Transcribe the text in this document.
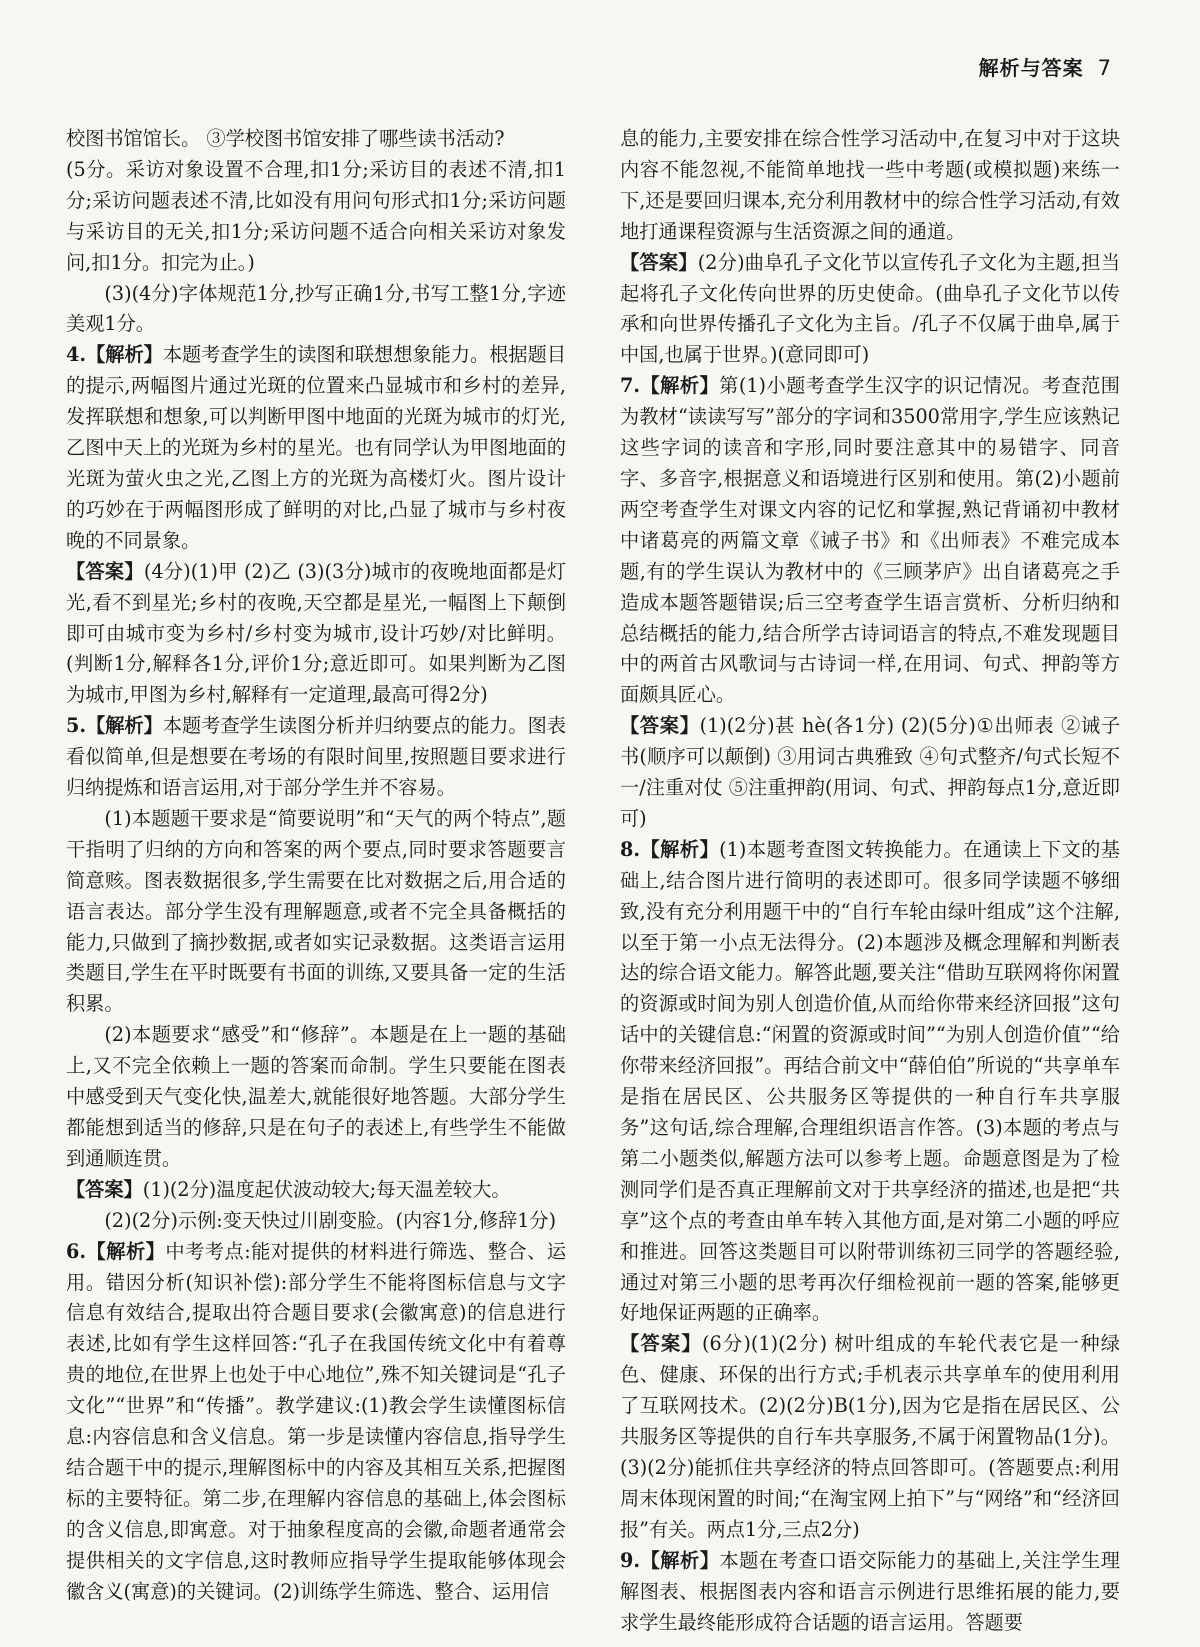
解析与答案 7

校图书馆馆长。 ③学校图书馆安排了哪些读书活动?

(5分。采访对象设置不合理,扣1分;采访目的表述不清,扣1分;采访问题表述不清,比如没有用问句形式扣1分;采访问题与采访目的无关,扣1分;采访问题不适合向相关采访对象发问,扣1分。扣完为止。)

(3)(4分)字体规范1分,抄写正确1分,书写工整1分,字迹美观1分。

4.【解析】本题考查学生的读图和联想想象能力。根据题目的提示,两幅图片通过光斑的位置来凸显城市和乡村的差异,发挥联想和想象,可以判断甲图中地面的光斑为城市的灯光,乙图中天上的光斑为乡村的星光。也有同学认为甲图地面的光斑为萤火虫之光,乙图上方的光斑为高楼灯火。图片设计的巧妙在于两幅图形成了鲜明的对比,凸显了城市与乡村夜晚的不同景象。

【答案】(4分)(1)甲 (2)乙 (3)(3分)城市的夜晚地面都是灯光,看不到星光;乡村的夜晚,天空都是星光,一幅图上下颠倒即可由城市变为乡村/乡村变为城市,设计巧妙/对比鲜明。(判断1分,解释各1分,评价1分;意近即可。如果判断为乙图为城市,甲图为乡村,解释有一定道理,最高可得2分)

5.【解析】本题考查学生读图分析并归纳要点的能力。图表看似简单,但是想要在考场的有限时间里,按照题目要求进行归纳提炼和语言运用,对于部分学生并不容易。

(1)本题题干要求是“简要说明”和“天气的两个特点”,题干指明了归纳的方向和答案的两个要点,同时要求答题要言简意赅。图表数据很多,学生需要在比对数据之后,用合适的语言表达。部分学生没有理解题意,或者不完全具备概括的能力,只做到了摘抄数据,或者如实记录数据。这类语言运用类题目,学生在平时既要有书面的训练,又要具备一定的生活积累。

(2)本题要求“感受”和“修辞”。本题是在上一题的基础上,又不完全依赖上一题的答案而命制。学生只要能在图表中感受到天气变化快,温差大,就能很好地答题。大部分学生都能想到适当的修辞,只是在句子的表述上,有些学生不能做到通顺连贯。

【答案】(1)(2分)温度起伏波动较大;每天温差较大。

(2)(2分)示例:变天快过川剧变脸。(内容1分,修辞1分)

6.【解析】中考考点:能对提供的材料进行筛选、整合、运用。错因分析(知识补偿):部分学生不能将图标信息与文字信息有效结合,提取出符合题目要求(会徽寓意)的信息进行表述,比如有学生这样回答:“孔子在我国传统文化中有着尊贵的地位,在世界上也处于中心地位”,殊不知关键词是“孔子文化”“世界”和“传播”。教学建议:(1)教会学生读懂图标信息:内容信息和含义信息。第一步是读懂内容信息,指导学生结合题干中的提示,理解图标中的内容及其相互关系,把握图标的主要特征。第二步,在理解内容信息的基础上,体会图标的含义信息,即寓意。对于抽象程度高的会徽,命题者通常会提供相关的文字信息,这时教师应指导学生提取能够体现会徽含义(寓意)的关键词。(2)训练学生筛选、整合、运用信

息的能力,主要安排在综合性学习活动中,在复习中对于这块内容不能忽视,不能简单地找一些中考题(或模拟题)来练一下,还是要回归课本,充分利用教材中的综合性学习活动,有效地打通课程资源与生活资源之间的通道。

【答案】(2分)曲阜孔子文化节以宣传孔子文化为主题,担当起将孔子文化传向世界的历史使命。(曲阜孔子文化节以传承和向世界传播孔子文化为主旨。/孔子不仅属于曲阜,属于中国,也属于世界。)(意同即可)

7.【解析】第(1)小题考查学生汉字的识记情况。考查范围为教材“读读写写”部分的字词和3500常用字,学生应该熟记这些字词的读音和字形,同时要注意其中的易错字、同音字、多音字,根据意义和语境进行区别和使用。第(2)小题前两空考查学生对课文内容的记忆和掌握,熟记背诵初中教材中诸葛亮的两篇文章《诫子书》和《出师表》不难完成本题,有的学生误认为教材中的《三顾茅庐》出自诸葛亮之手造成本题答题错误;后三空考查学生语言赏析、分析归纳和总结概括的能力,结合所学古诗词语言的特点,不难发现题目中的两首古风歌词与古诗词一样,在用词、句式、押韵等方面颇具匠心。

【答案】(1)(2分)甚 hè(各1分) (2)(5分)①出师表 ②诫子书(顺序可以颠倒) ③用词古典雅致 ④句式整齐/句式长短不一/注重对仗 ⑤注重押韵(用词、句式、押韵每点1分,意近即可)

8.【解析】(1)本题考查图文转换能力。在通读上下文的基础上,结合图片进行简明的表述即可。很多同学读题不够细致,没有充分利用题干中的“自行车轮由绿叶组成”这个注解,以至于第一小点无法得分。(2)本题涉及概念理解和判断表达的综合语文能力。解答此题,要关注“借助互联网将你闲置的资源或时间为别人创造价值,从而给你带来经济回报”这句话中的关键信息:“闲置的资源或时间”“为别人创造价值”“给你带来经济回报”。再结合前文中“薛伯伯”所说的“共享单车是指在居民区、公共服务区等提供的一种自行车共享服务”这句话,综合理解,合理组织语言作答。(3)本题的考点与第二小题类似,解题方法可以参考上题。命题意图是为了检测同学们是否真正理解前文对于共享经济的描述,也是把“共享”这个点的考查由单车转入其他方面,是对第二小题的呼应和推进。回答这类题目可以附带训练初三同学的答题经验,通过对第三小题的思考再次仔细检视前一题的答案,能够更好地保证两题的正确率。

【答案】(6分)(1)(2分) 树叶组成的车轮代表它是一种绿色、健康、环保的出行方式;手机表示共享单车的使用利用了互联网技术。(2)(2分)B(1分),因为它是指在居民区、公共服务区等提供的自行车共享服务,不属于闲置物品(1分)。(3)(2分)能抓住共享经济的特点回答即可。(答题要点:利用周末体现闲置的时间;“在淘宝网上拍下”与“网络”和“经济回报”有关。两点1分,三点2分)

9.【解析】本题在考查口语交际能力的基础上,关注学生理解图表、根据图表内容和语言示例进行思维拓展的能力,要求学生最终能形成符合话题的语言运用。答题要
